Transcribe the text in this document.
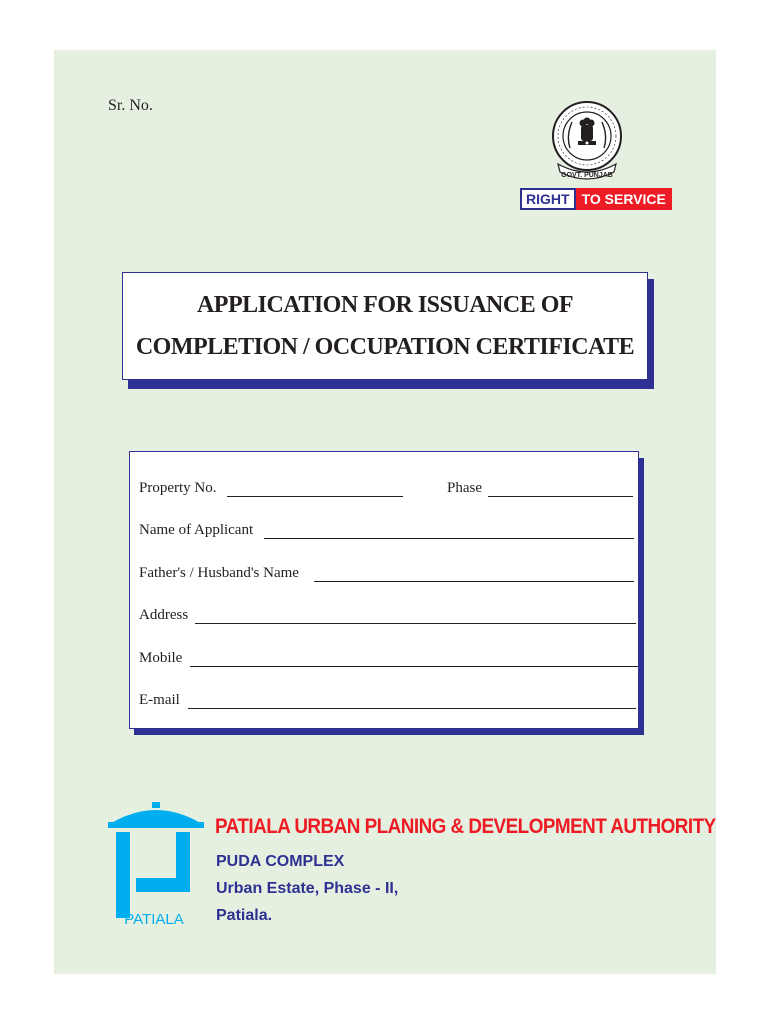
Sr. No.
GOVT. PUNJAB
RIGHT TO SERVICE
APPLICATION FOR ISSUANCE OF
COMPLETION / OCCUPATION CERTIFICATE
Property No.	Phase
Name of Applicant
Father's / Husband's Name
Address
Mobile
E-mail
PATIALA
PATIALA URBAN PLANING & DEVELOPMENT AUTHORITY
PUDA COMPLEX
Urban Estate, Phase - II,
Patiala.
